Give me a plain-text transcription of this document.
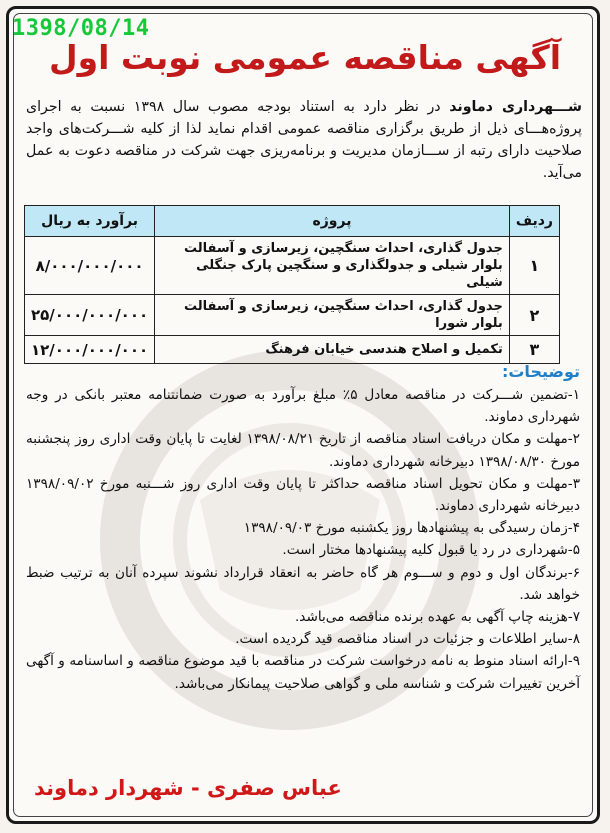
1398/08/14
آگهی مناقصه عمومی نوبت اول
شـــهرداری دماوند در نظر دارد به استناد بودجه مصوب سال ۱۳۹۸ نسبت به اجرای پروژه‌هـــای ذیل از طریق برگزاری مناقصه عمومی اقدام نماید لذا از کلیه شـــرکت‌های واجد صلاحیت دارای رتبه از ســـازمان مدیریت و برنامه‌ریزی جهت شرکت در مناقصه دعوت به عمل می‌آید.
ردیف	پروژه	برآورد به ریال
۱	جدول گذاری، احداث سنگچین، زیرسازی و آسفالت بلوار شیلی و جدولگذاری و سنگچین پارک جنگلی شیلی	۸/۰۰۰/۰۰۰/۰۰۰
۲	جدول گذاری، احداث سنگچین، زیرسازی و آسفالت بلوار شورا	۲۵/۰۰۰/۰۰۰/۰۰۰
۳	تکمیل و اصلاح هندسی خیابان فرهنگ	۱۲/۰۰۰/۰۰۰/۰۰۰
توضیحات:

۱-تضمین شـــرکت در مناقصه معادل ۵٪ مبلغ برآورد به صورت ضمانتنامه معتبر بانکی در وجه شهرداری دماوند.

۲-مهلت و مکان دریافت اسناد مناقصه از تاریخ ۱۳۹۸/۰۸/۲۱ لغایت تا پایان وقت اداری روز پنجشنبه مورخ ۱۳۹۸/۰۸/۳۰ دبیرخانه شهرداری دماوند.

۳-مهلت و مکان تحویل اسناد مناقصه حداکثر تا پایان وقت اداری روز شـــنبه مورخ ۱۳۹۸/۰۹/۰۲ دبیرخانه شهرداری دماوند.

۴-زمان رسیدگی به پیشنهادها روز یکشنبه مورخ ۱۳۹۸/۰۹/۰۳

۵-شهرداری در رد یا قبول کلیه پیشنهادها مختار است.

۶-برندگان اول و دوم و ســـوم هر گاه حاضر به انعقاد قرارداد نشوند سپرده آنان به ترتیب ضبط خواهد شد.

۷-هزینه چاپ آگهی به عهده برنده مناقصه می‌باشد.

۸-سایر اطلاعات و جزئیات در اسناد مناقصه قید گردیده است.

۹-ارائه اسناد منوط به نامه درخواست شرکت در مناقصه با قید موضوع مناقصه و اساسنامه و آگهی آخرین تغییرات شرکت و شناسه ملی و گواهی صلاحیت پیمانکار می‌باشد.

عباس صفری - شهردار دماوند
